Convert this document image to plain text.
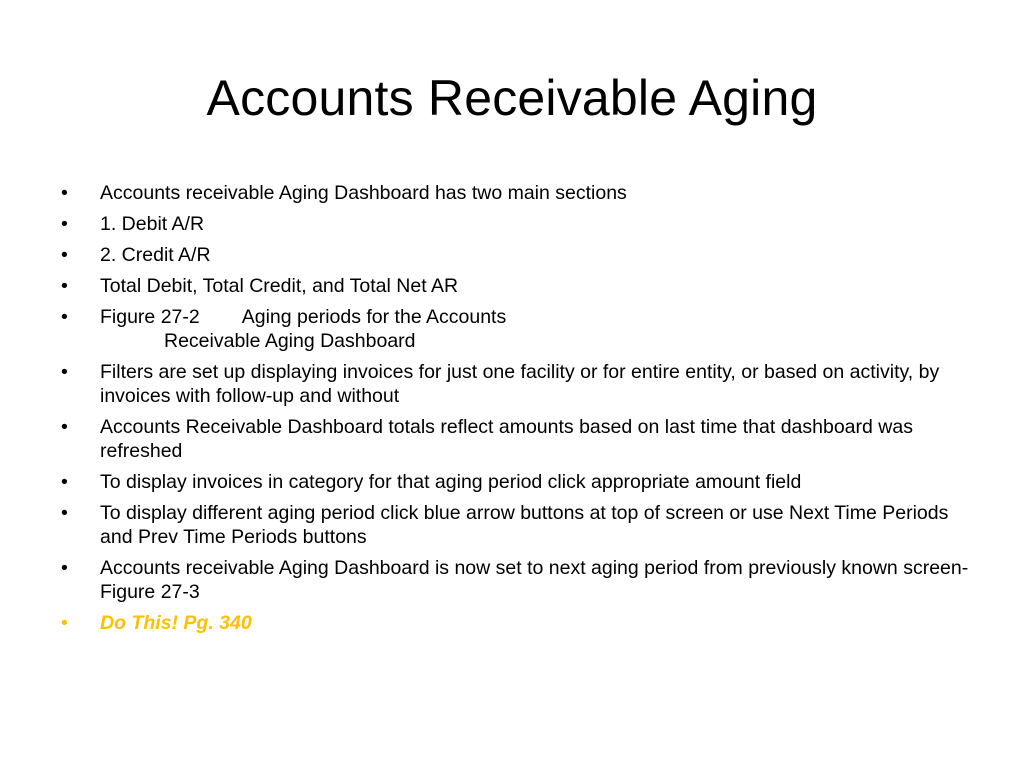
Accounts Receivable Aging
•	Accounts receivable Aging Dashboard has two main sections
•	1. Debit A/R
•	2. Credit A/R
•	Total Debit, Total Credit, and Total Net AR
•	Figure 27-2 Aging periods for the Accounts
Receivable Aging Dashboard
•	Filters are set up displaying invoices for just one facility or for entire entity, or based on activity, by invoices with follow-up and without
•	Accounts Receivable Dashboard totals reflect amounts based on last time that dashboard was refreshed
•	To display invoices in category for that aging period click appropriate amount field
•	To display different aging period click blue arrow buttons at top of screen or use Next Time Periods and Prev Time Periods buttons
•	Accounts receivable Aging Dashboard is now set to next aging period from previously known screen-Figure 27-3
•	Do This! Pg. 340
